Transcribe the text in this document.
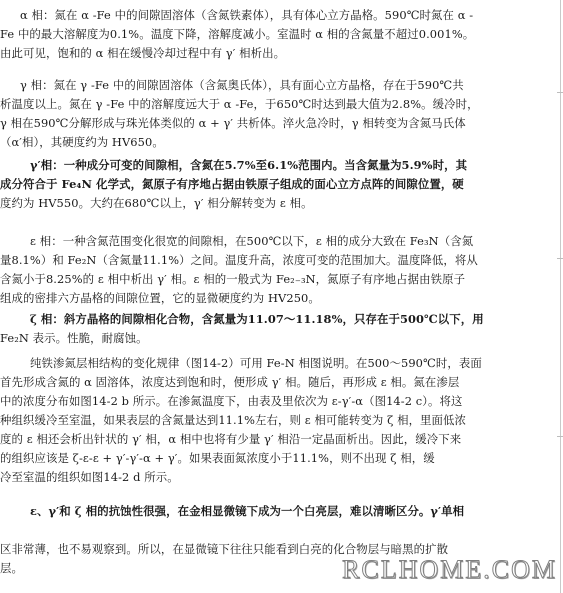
α 相：氮在 α -Fe 中的间隙固溶体（含氮铁素体），具有体心立方晶格。590℃时氮在 α -
Fe 中的最大溶解度为0.1%。温度下降，溶解度减小。室温时 α 相的含氮量不超过0.001%。
由此可见，饱和的 α 相在缓慢冷却过程中有 γ′ 相析出。
γ 相：氮在 γ -Fe 中的间隙固溶体（含氮奥氏体），具有面心立方晶格，存在于590℃共
析温度以上。氮在 γ -Fe 中的溶解度远大于 α -Fe，于650℃时达到最大值为2.8%。缓冷时，
γ 相在590℃分解形成与珠光体类似的 α + γ′ 共析体。淬火急冷时，γ 相转变为含氮马氏体
（α′相），其硬度约为 HV650。
γ′相：一种成分可变的间隙相，含氮在5.7%至6.1%范围内。当含氮量为5.9%时，其
成分符合于 Fe₄N 化学式，氮原子有序地占据由铁原子组成的面心立方点阵的间隙位置，硬
度约为 HV550。大约在680℃以上，γ′ 相分解转变为 ε 相。
ε 相：一种含氮范围变化很宽的间隙相，在500℃以下，ε 相的成分大致在 Fe₃N（含氮
量8.1%）和 Fe₂N（含氮量11.1%）之间。温度升高，浓度可变的范围加大。温度降低，将从
含氮小于8.25%的 ε 相中析出 γ′ 相。ε 相的一般式为 Fe₂₋₃N，氮原子有序地占据由铁原子
组成的密排六方晶格的间隙位置，它的显微硬度约为 HV250。
ζ 相：斜方晶格的间隙相化合物，含氮量为11.07～11.18%，只存在于500℃以下，用
Fe₂N 表示。性脆，耐腐蚀。
纯铁渗氮层相结构的变化规律（图14-2）可用 Fe-N 相图说明。在500～590℃时，表面
首先形成含氮的 α 固溶体，浓度达到饱和时，便形成 γ′ 相。随后，再形成 ε 相。氮在渗层
中的浓度分布如图14-2 b 所示。在渗氮温度下，由表及里依次为 ε-γ′-α（图14-2 c）。将这
种组织缓冷至室温，如果表层的含氮量达到11.1%左右，则 ε 相可能转变为 ζ 相，里面低浓
度的 ε 相还会析出针状的 γ′ 相，α 相中也将有少量 γ′ 相沿一定晶面析出。因此，缓冷下来
的组织应该是 ζ-ε-ε + γ′-γ′-α + γ′。如果表面氮浓度小于11.1%，则不出现 ζ 相，缓
冷至室温的组织如图14-2 d 所示。
ε、γ′和 ζ 相的抗蚀性很强，在金相显微镜下成为一个白亮层，难以清晰区分。γ′单相
区非常薄，也不易观察到。所以，在显微镜下往往只能看到白亮的化合物层与暗黑的扩散
层。	RCLHOME.COM
